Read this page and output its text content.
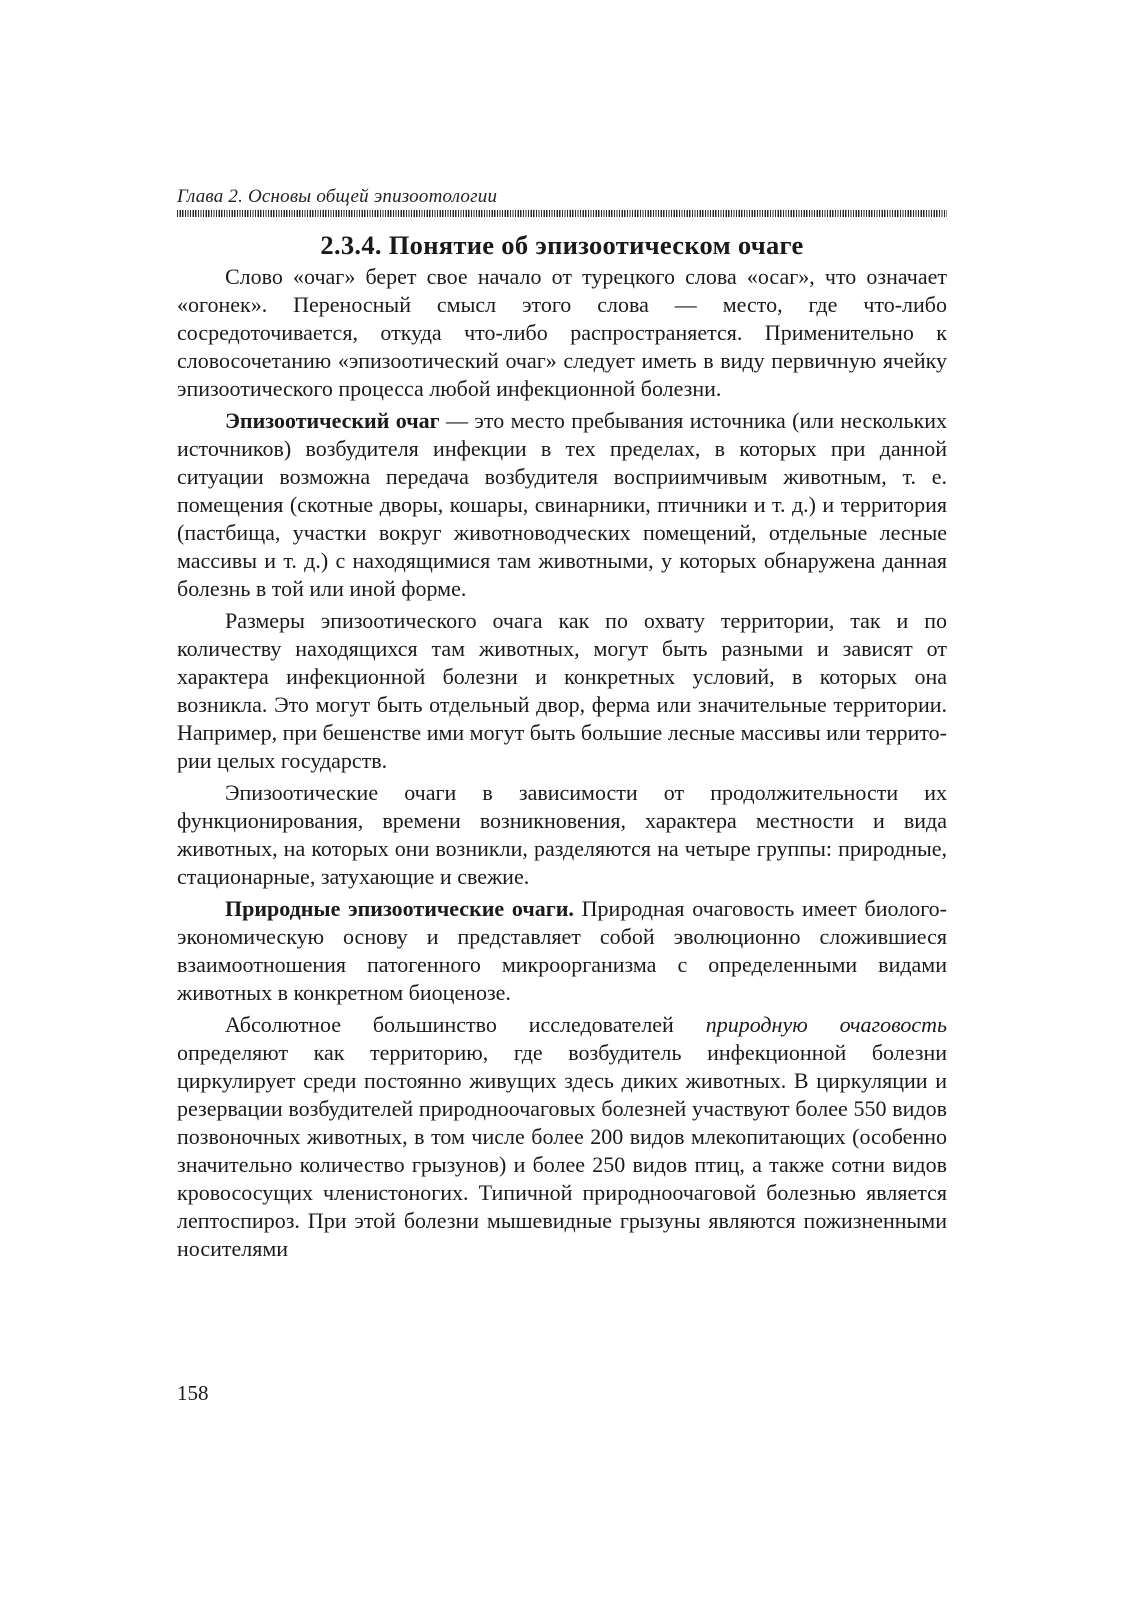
Глава 2. Основы общей эпизоотологии
2.3.4. Понятие об эпизоотическом очаге

Слово «очаг» берет свое начало от турецкого слова «осаг», что означает «огонек». Переносный смысл этого слова — место, где что-либо сосредоточивается, откуда что-либо распространяется. Применительно к словосочетанию «эпизоотический очаг» следует иметь в виду первичную ячейку эпизоотического процесса любой инфекционной болезни.

Эпизоотический очаг — это место пребывания источника (или нескольких источников) возбудителя инфекции в тех пределах, в которых при данной ситуации возможна передача возбудителя восприимчивым животным, т. е. помещения (скотные дворы, кошары, свинарники, птичники и т. д.) и территория (пастбища, участки вокруг животноводческих помещений, отдельные лесные массивы и т. д.) с находящимися там животными, у которых обнаружена данная болезнь в той или иной форме.

Размеры эпизоотического очага как по охвату территории, так и по количеству находящихся там животных, могут быть разными и зависят от характера инфекционной болезни и конкретных условий, в которых она возникла. Это могут быть отдельный двор, ферма или значительные территории. Например, при бешенстве ими могут быть большие лесные массивы или территории целых государств.

Эпизоотические очаги в зависимости от продолжительности их функционирования, времени возникновения, характера местности и вида животных, на которых они возникли, разделяются на четыре группы: природные, стационарные, затухающие и свежие.

Природные эпизоотические очаги. Природная очаговость имеет биолого-экономическую основу и представляет собой эволюционно сложившиеся взаимоотношения патогенного микроорганизма с определенными видами животных в конкретном биоценозе.

Абсолютное большинство исследователей природную очаговость определяют как территорию, где возбудитель инфекционной болезни циркулирует среди постоянно живущих здесь диких животных. В циркуляции и резервации возбудителей природноочаговых болезней участвуют более 550 видов позвоночных животных, в том числе более 200 видов млекопитающих (особенно значительно количество грызунов) и более 250 видов птиц, а также сотни видов кровососущих членистоногих. Типичной природноочаговой болезнью является лептоспироз. При этой болезни мышевидные грызуны являются пожизненными носителями

158
